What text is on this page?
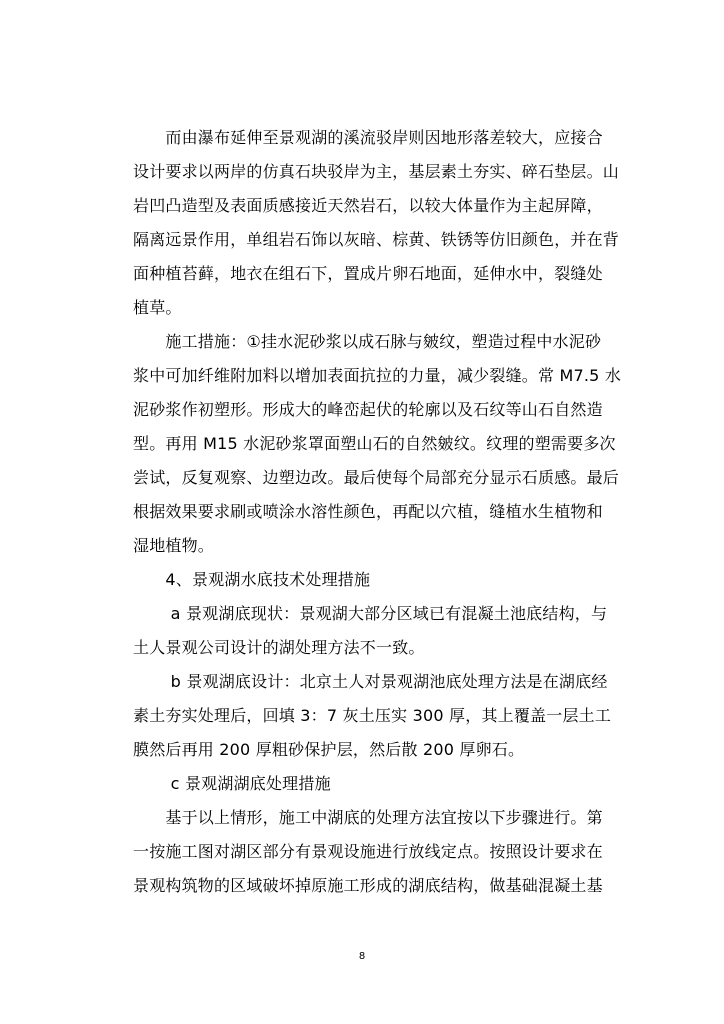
　　而由瀑布延伸至景观湖的溪流驳岸则因地形落差较大，应接合
设计要求以两岸的仿真石块驳岸为主，基层素土夯实、碎石垫层。山
岩凹凸造型及表面质感接近天然岩石，以较大体量作为主起屏障，
隔离远景作用，单组岩石饰以灰暗、棕黄、铁锈等仿旧颜色，并在背
面种植苔藓，地衣在组石下，置成片卵石地面，延伸水中，裂缝处
植草。
　　施工措施：①挂水泥砂浆以成石脉与皴纹，塑造过程中水泥砂
浆中可加纤维附加料以增加表面抗拉的力量，减少裂缝。常 M7.5 水
泥砂浆作初塑形。形成大的峰峦起伏的轮廓以及石纹等山石自然造
型。再用 M15 水泥砂浆罩面塑山石的自然皴纹。纹理的塑需要多次
尝试，反复观察、边塑边改。最后使每个局部充分显示石质感。最后
根据效果要求刷或喷涂水溶性颜色，再配以穴植，缝植水生植物和
湿地植物。
　　4、景观湖水底技术处理措施
　　 a 景观湖底现状：景观湖大部分区域已有混凝土池底结构，与
土人景观公司设计的湖处理方法不一致。
　　 b 景观湖底设计：北京土人对景观湖池底处理方法是在湖底经
素土夯实处理后，回填 3：7 灰土压实 300 厚，其上覆盖一层土工
膜然后再用 200 厚粗砂保护层，然后散 200 厚卵石。
　　 c 景观湖湖底处理措施
　　基于以上情形，施工中湖底的处理方法宜按以下步骤进行。第
一按施工图对湖区部分有景观设施进行放线定点。按照设计要求在
景观构筑物的区域破坏掉原施工形成的湖底结构，做基础混凝土基
8
